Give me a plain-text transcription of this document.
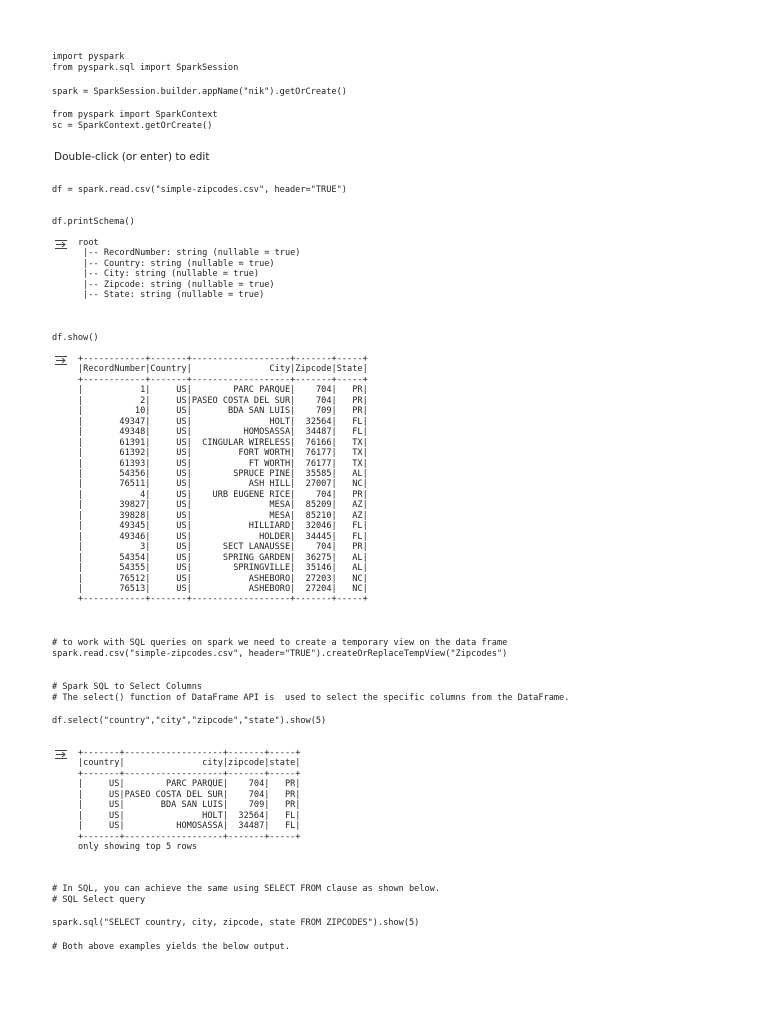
import pyspark
from pyspark.sql import SparkSession
spark = SparkSession.builder.appName("nik").getOrCreate()
from pyspark import SparkContext
sc = SparkContext.getOrCreate()
Double-click (or enter) to edit
df = spark.read.csv("simple-zipcodes.csv", header="TRUE")
df.printSchema()
root
|-- RecordNumber: string (nullable = true)
|-- Country: string (nullable = true)
|-- City: string (nullable = true)
|-- Zipcode: string (nullable = true)
|-- State: string (nullable = true)
df.show()
+------------+-------+-------------------+-------+-----+
|RecordNumber|Country|               City|Zipcode|State|
+------------+-------+-------------------+-------+-----+
|           1|     US|        PARC PARQUE|    704|   PR|
|           2|     US|PASEO COSTA DEL SUR|    704|   PR|
|          10|     US|       BDA SAN LUIS|    709|   PR|
|       49347|     US|               HOLT|  32564|   FL|
|       49348|     US|          HOMOSASSA|  34487|   FL|
|       61391|     US|  CINGULAR WIRELESS|  76166|   TX|
|       61392|     US|         FORT WORTH|  76177|   TX|
|       61393|     US|           FT WORTH|  76177|   TX|
|       54356|     US|        SPRUCE PINE|  35585|   AL|
|       76511|     US|           ASH HILL|  27007|   NC|
|           4|     US|    URB EUGENE RICE|    704|   PR|
|       39827|     US|               MESA|  85209|   AZ|
|       39828|     US|               MESA|  85210|   AZ|
|       49345|     US|           HILLIARD|  32046|   FL|
|       49346|     US|             HOLDER|  34445|   FL|
|           3|     US|      SECT LANAUSSE|    704|   PR|
|       54354|     US|      SPRING GARDEN|  36275|   AL|
|       54355|     US|        SPRINGVILLE|  35146|   AL|
|       76512|     US|           ASHEBORO|  27203|   NC|
|       76513|     US|           ASHEBORO|  27204|   NC|
+------------+-------+-------------------+-------+-----+
# to work with SQL queries on spark we need to create a temporary view on the data frame
spark.read.csv("simple-zipcodes.csv", header="TRUE").createOrReplaceTempView("Zipcodes")
# Spark SQL to Select Columns
# The select() function of DataFrame API is  used to select the specific columns from the DataFrame.
df.select("country","city","zipcode","state").show(5)
+-------+-------------------+-------+-----+
|country|               city|zipcode|state|
+-------+-------------------+-------+-----+
|     US|        PARC PARQUE|    704|   PR|
|     US|PASEO COSTA DEL SUR|    704|   PR|
|     US|       BDA SAN LUIS|    709|   PR|
|     US|               HOLT|  32564|   FL|
|     US|          HOMOSASSA|  34487|   FL|
+-------+-------------------+-------+-----+
only showing top 5 rows
# In SQL, you can achieve the same using SELECT FROM clause as shown below.
# SQL Select query
spark.sql("SELECT country, city, zipcode, state FROM ZIPCODES").show(5)
# Both above examples yields the below output.
